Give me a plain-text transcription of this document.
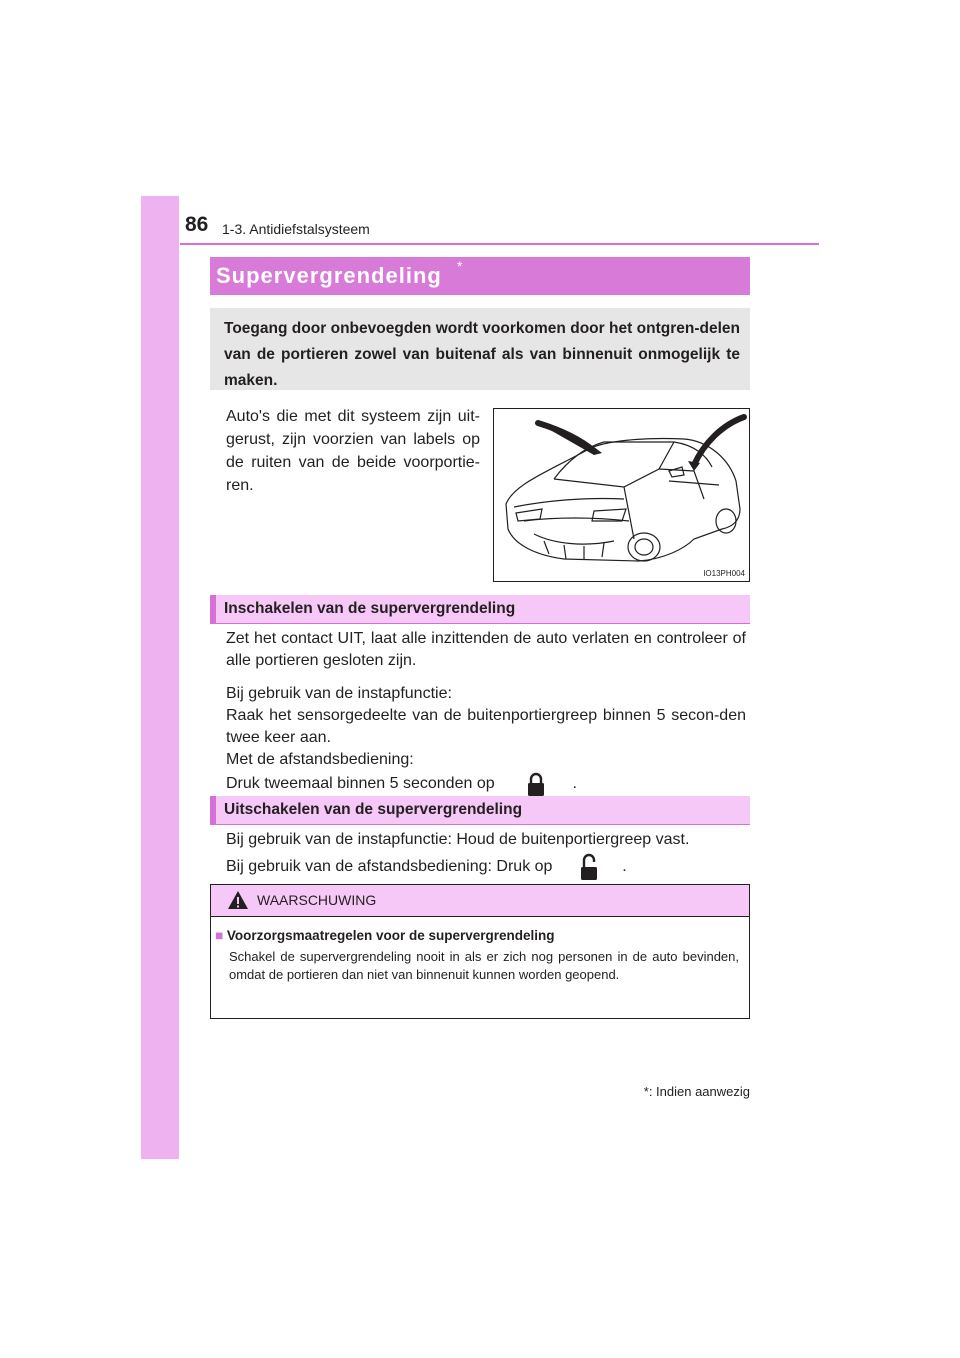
86 1-3. Antidiefstalsysteem
Supervergrendeling *
Toegang door onbevoegden wordt voorkomen door het ontgren-delen van de portieren zowel van buitenaf als van binnenuit onmogelijk te maken.
Auto's die met dit systeem zijn uit-
gerust, zijn voorzien van labels op
de ruiten van de beide voorportie-
ren.
IO13PH004
Inschakelen van de supervergrendeling

Zet het contact UIT, laat alle inzittenden de auto verlaten en controleer of alle portieren gesloten zijn.

Bij gebruik van de instapfunctie:

Raak het sensorgedeelte van de buitenportiergreep binnen 5 secon-den twee keer aan.

Met de afstandsbediening:

Druk tweemaal binnen 5 seconden op	.

Uitschakelen van de supervergrendeling

Bij gebruik van de instapfunctie: Houd de buitenportiergreep vast.

Bij gebruik van de afstandsbediening: Druk op	.

WAARSCHUWING
■ Voorzorgsmaatregelen voor de supervergrendeling
Schakel de supervergrendeling nooit in als er zich nog personen in de auto bevinden, omdat de portieren dan niet van binnenuit kunnen worden geopend.
*: Indien aanwezig
